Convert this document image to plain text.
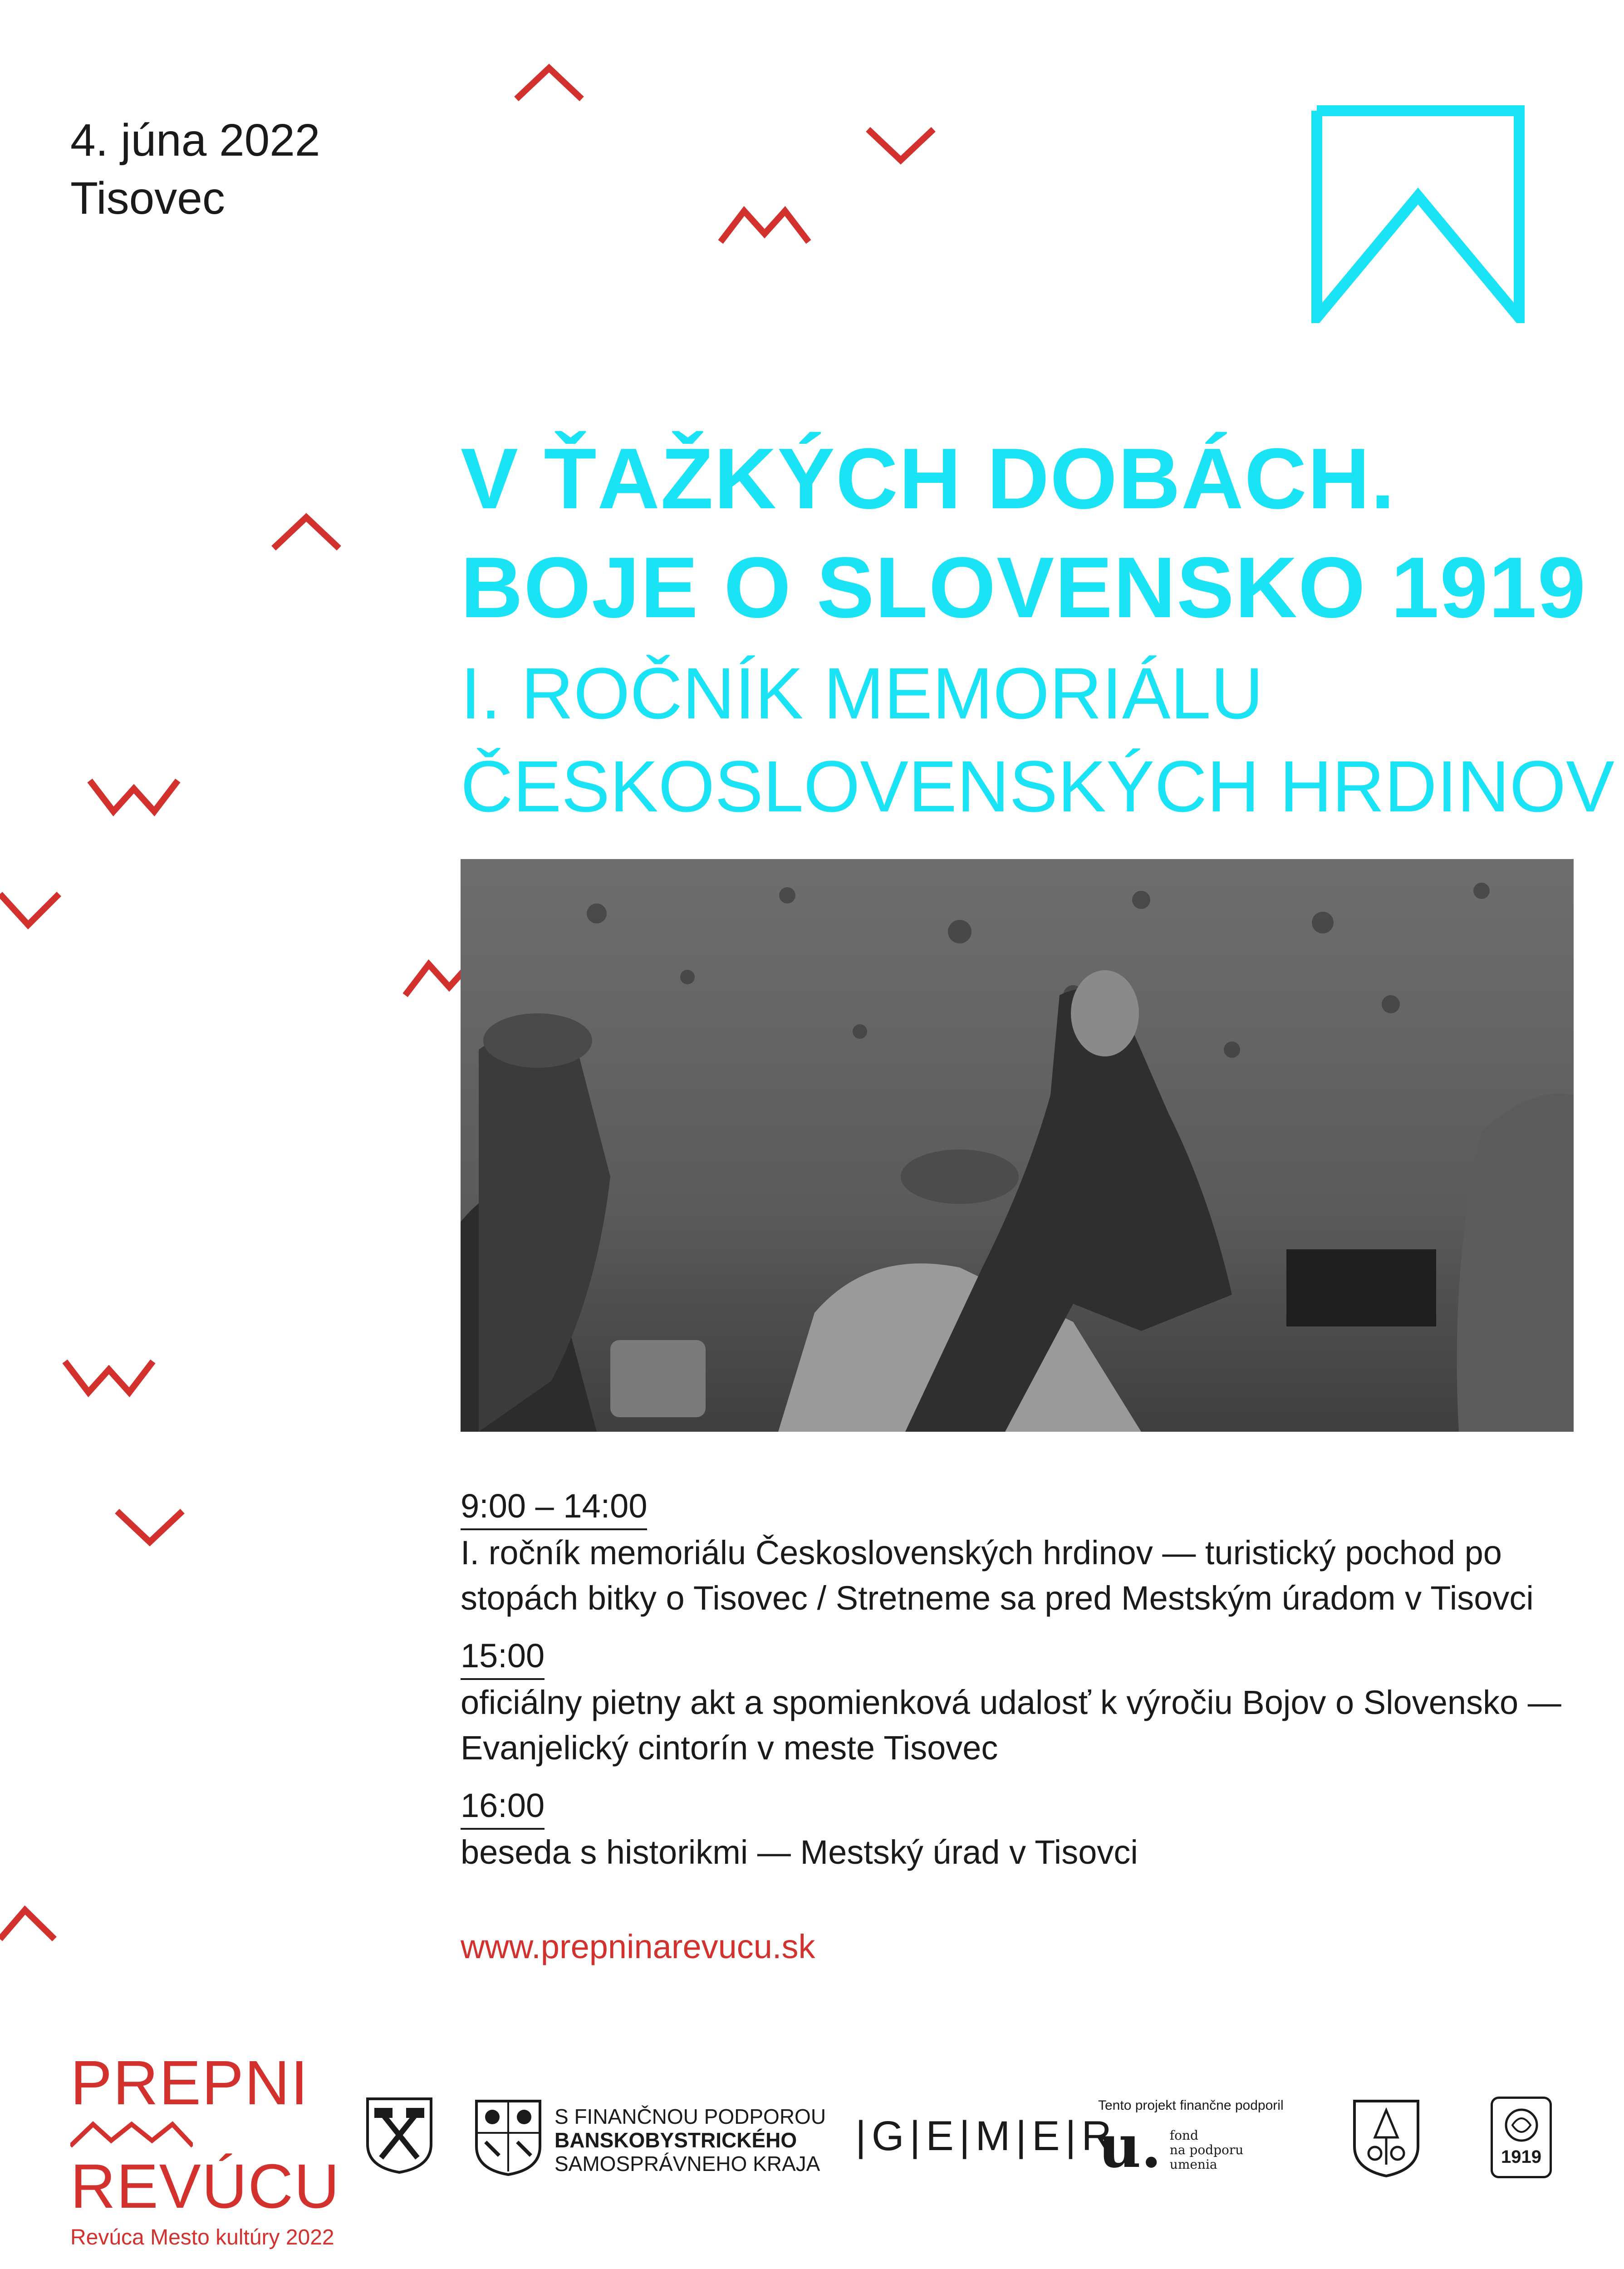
4. júna 2022
Tisovec
V ŤAŽKÝCH DOBÁCH.
BOJE O SLOVENSKO 1919
I. ROČNÍK MEMORIÁLU
ČESKOSLOVENSKÝCH HRDINOV
9:00 – 14:00
I. ročník memoriálu Československých hrdinov — turistický pochod po
stopách bitky o Tisovec / Stretneme sa pred Mestským úradom v Tisovci
15:00
oficiálny pietny akt a spomienková udalosť k výročiu Bojov o Slovensko —
Evanjelický cintorín v meste Tisovec
16:00
beseda s historikmi — Mestský úrad v Tisovci
www.prepninarevucu.sk
PREPNI
REVÚCU
Revúca Mesto kultúry 2022
S FINANČNOU PODPOROU
BANSKOBYSTRICKÉHO
SAMOSPRÁVNEHO KRAJA
|G|E|M|E|R
Tento projekt finančne podporil
u. fond
na podporu
umenia	1919
